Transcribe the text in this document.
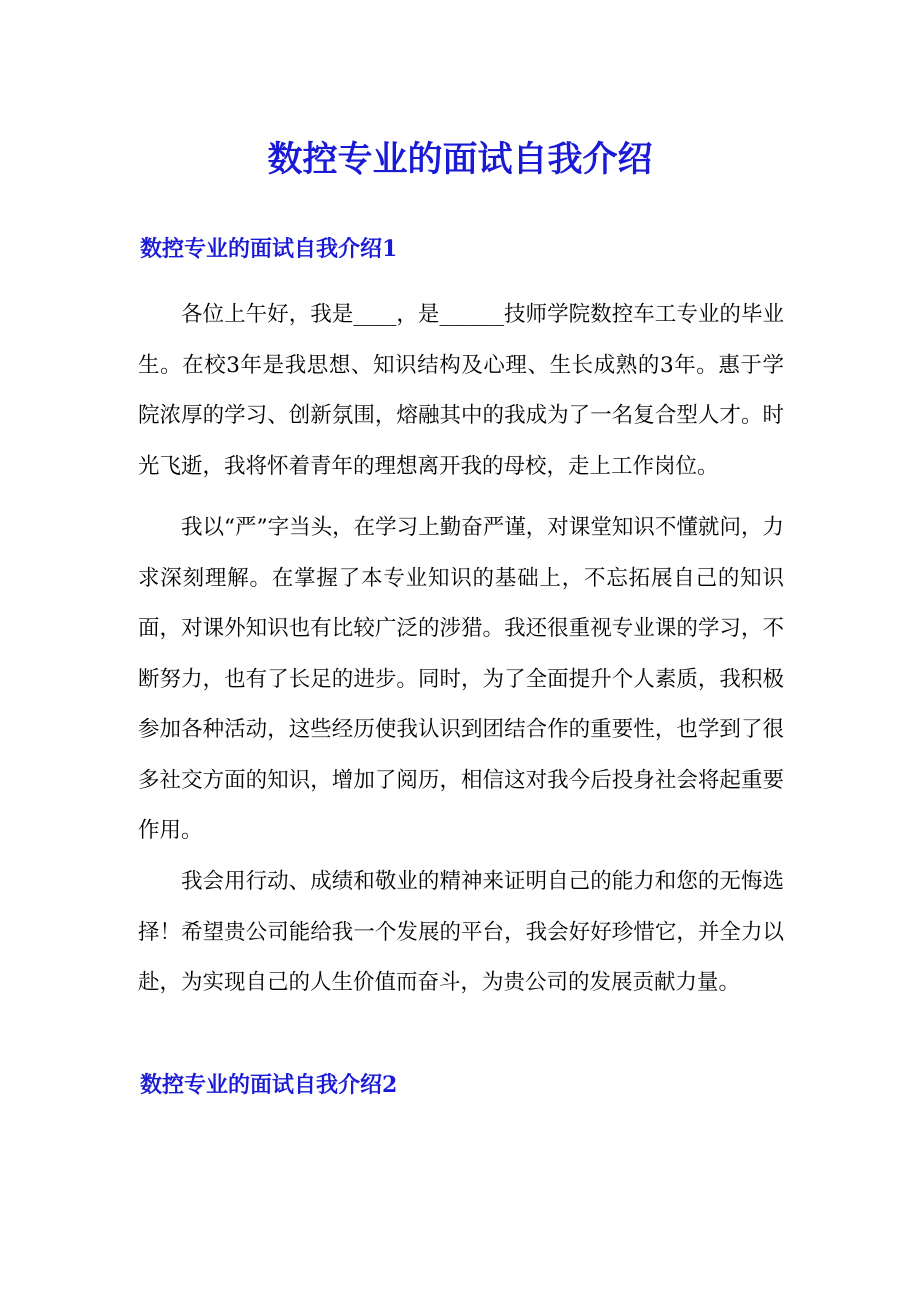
数控专业的面试自我介绍
数控专业的面试自我介绍1

各位上午好，我是____，是______技师学院数控车工专业的毕业生。在校3年是我思想、知识结构及心理、生长成熟的3年。惠于学院浓厚的学习、创新氛围，熔融其中的我成为了一名复合型人才。时光飞逝，我将怀着青年的理想离开我的母校，走上工作岗位。

我以“严”字当头，在学习上勤奋严谨，对课堂知识不懂就问，力求深刻理解。在掌握了本专业知识的基础上，不忘拓展自己的知识面，对课外知识也有比较广泛的涉猎。我还很重视专业课的学习，不断努力，也有了长足的进步。同时，为了全面提升个人素质，我积极参加各种活动，这些经历使我认识到团结合作的重要性，也学到了很多社交方面的知识，增加了阅历，相信这对我今后投身社会将起重要作用。

我会用行动、成绩和敬业的精神来证明自己的能力和您的无悔选择！希望贵公司能给我一个发展的平台，我会好好珍惜它，并全力以赴，为实现自己的人生价值而奋斗，为贵公司的发展贡献力量。

数控专业的面试自我介绍2
